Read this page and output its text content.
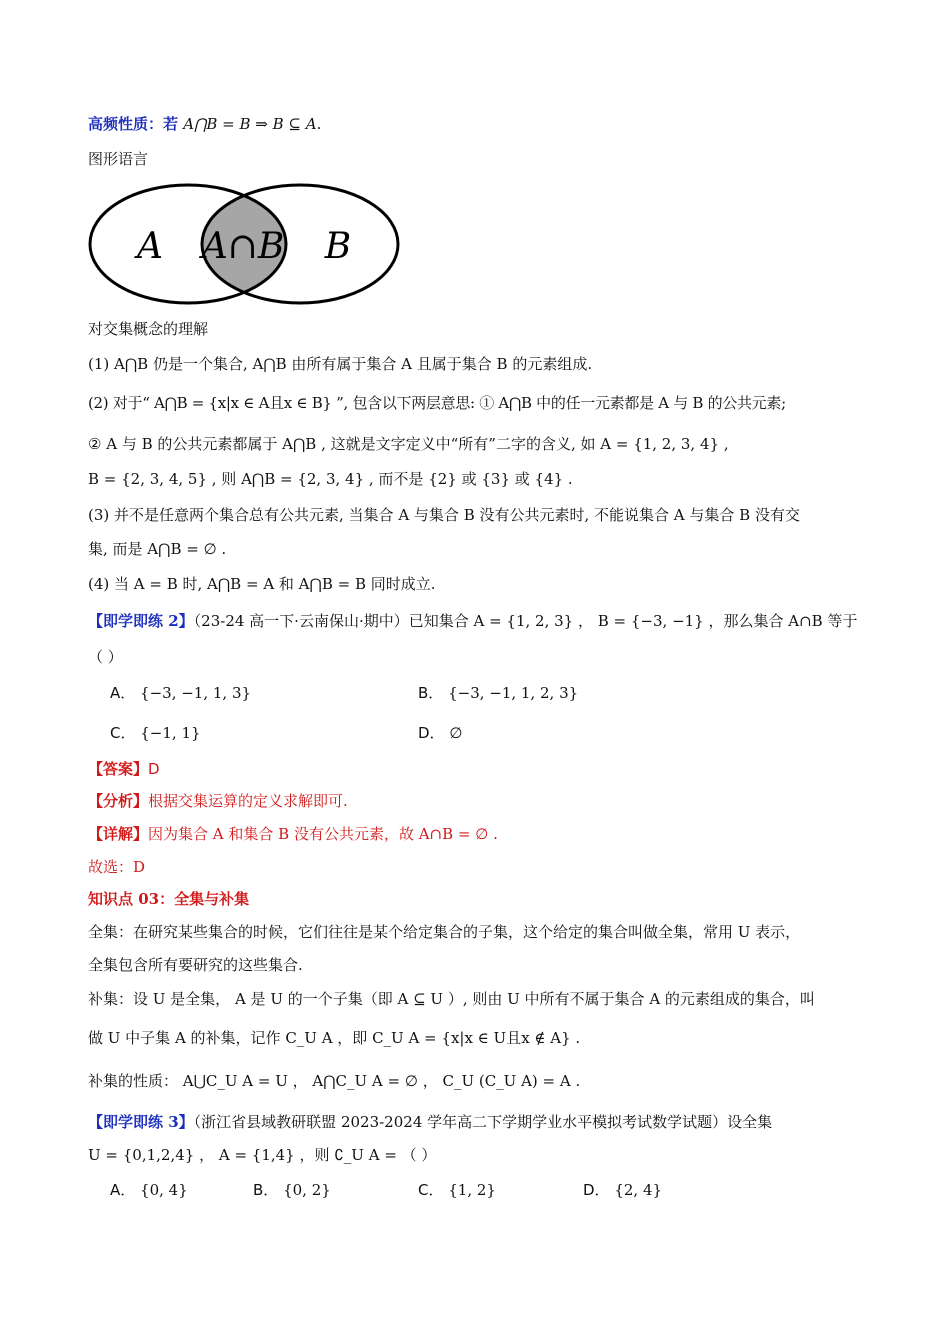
高频性质：若 A⋂B = B ⇒ B ⊆ A.
图形语言
A A∩B B
对交集概念的理解
(1) A⋂B 仍是一个集合, A⋂B 由所有属于集合 A 且属于集合 B 的元素组成.
(2) 对于“ A⋂B = {x|x ∈ A且x ∈ B} ”, 包含以下两层意思: ① A⋂B 中的任一元素都是 A 与 B 的公共元素;
② A 与 B 的公共元素都属于 A⋂B , 这就是文字定义中“所有”二字的含义, 如 A = {1, 2, 3, 4} ,
B = {2, 3, 4, 5} , 则 A⋂B = {2, 3, 4} , 而不是 {2} 或 {3} 或 {4} .
(3) 并不是任意两个集合总有公共元素, 当集合 A 与集合 B 没有公共元素时, 不能说集合 A 与集合 B 没有交
集, 而是 A⋂B = ∅ .
(4) 当 A = B 时, A⋂B = A 和 A⋂B = B 同时成立.
【即学即练 2】（23-24 高一下·云南保山·期中）已知集合 A = {1, 2, 3} ， B = {−3, −1} ，那么集合 A∩B 等于
（ ）
A． {−3, −1, 1, 3}	B． {−3, −1, 1, 2, 3}
C． {−1, 1}	D． ∅
【答案】D
【分析】根据交集运算的定义求解即可.
【详解】因为集合 A 和集合 B 没有公共元素，故 A∩B = ∅ .
故选：D
知识点 03：全集与补集
全集：在研究某些集合的时候，它们往往是某个给定集合的子集，这个给定的集合叫做全集，常用 U 表示，
全集包含所有要研究的这些集合.
补集：设 U 是全集， A 是 U 的一个子集（即 A ⊆ U ）, 则由 U 中所有不属于集合 A 的元素组成的集合，叫
做 U 中子集 A 的补集，记作 C_U A ，即 C_U A = {x|x ∈ U且x ∉ A} .
补集的性质： A⋃C_U A = U ， A⋂C_U A = ∅ ， C_U (C_U A) = A .
【即学即练 3】（浙江省县域教研联盟 2023-2024 学年高二下学期学业水平模拟考试数学试题）设全集
U = {0,1,2,4} ， A = {1,4} ，则 ∁_U A = （ ）
A． {0, 4}	B． {0, 2}	C． {1, 2}	D． {2, 4}
